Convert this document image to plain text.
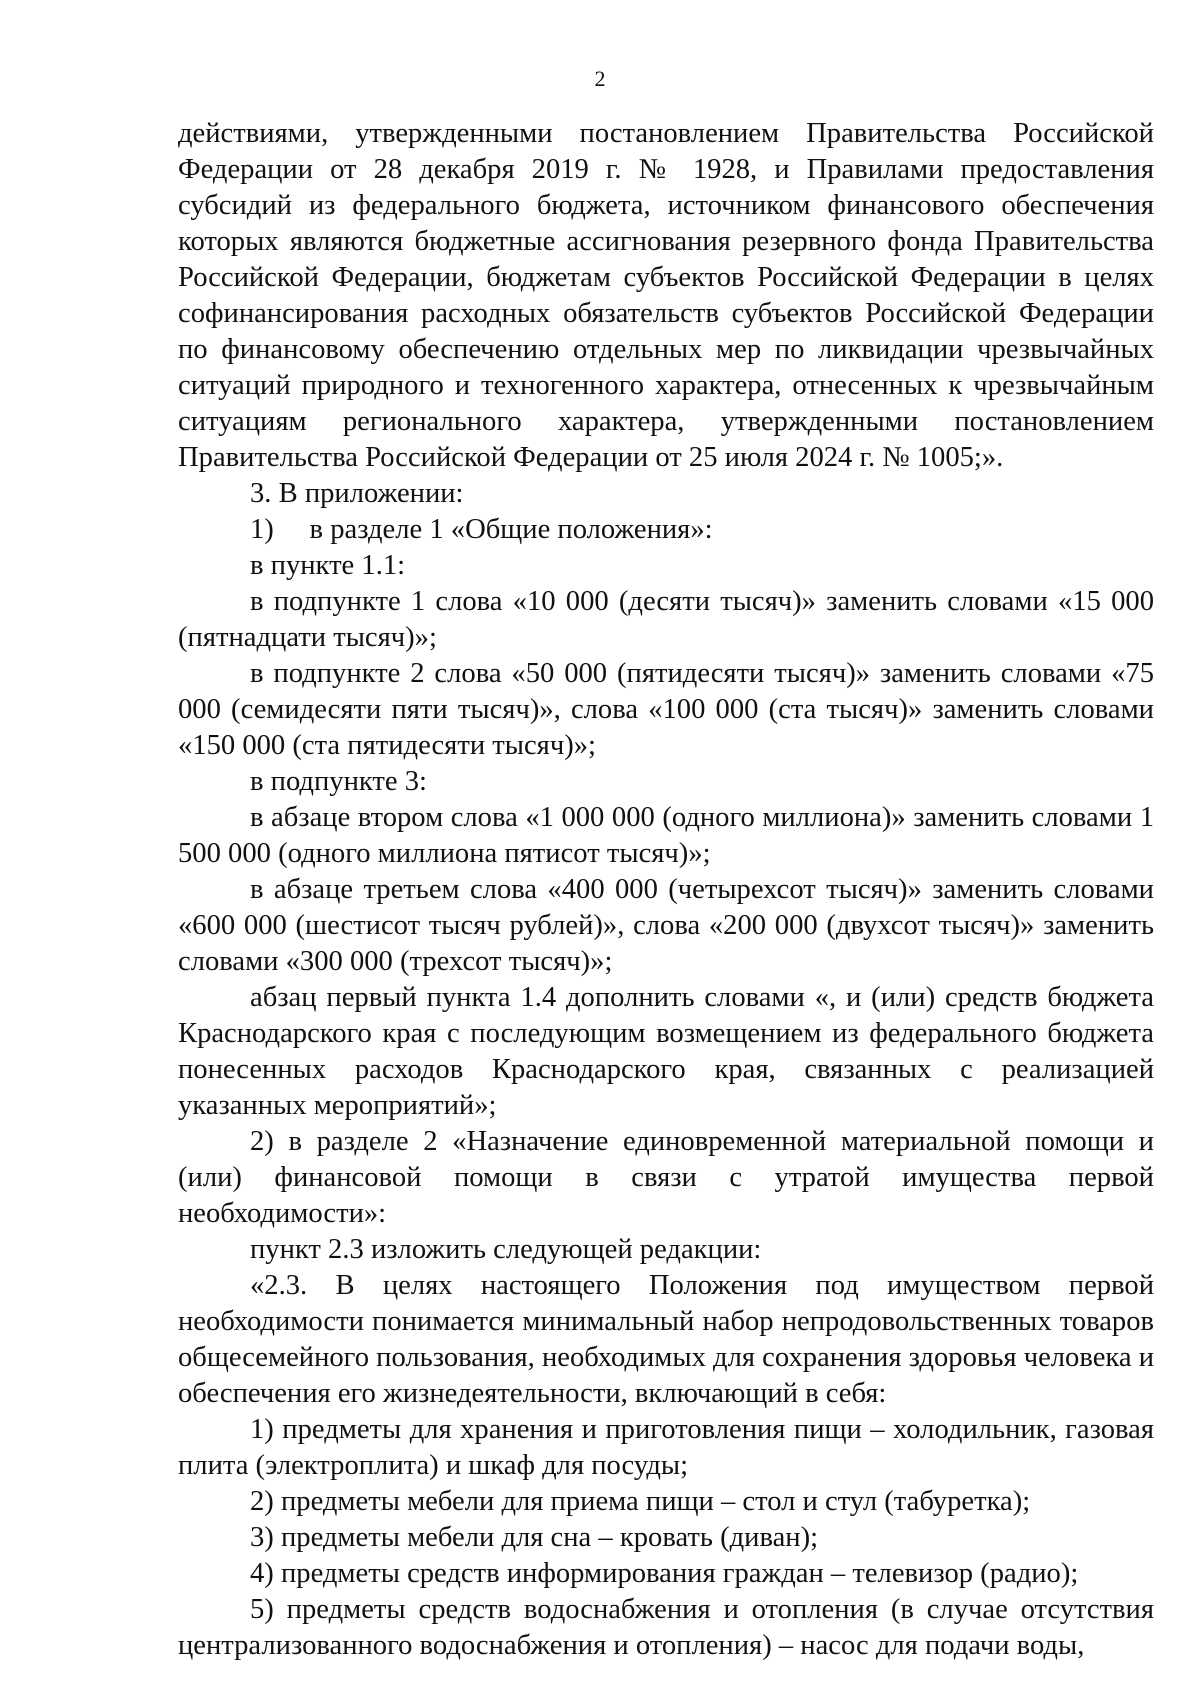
2

действиями, утвержденными постановлением Правительства Российской Федерации от 28 декабря 2019 г. № 1928, и Правилами предоставления субсидий из федерального бюджета, источником финансового обеспечения которых являются бюджетные ассигнования резервного фонда Правительства Российской Федерации, бюджетам субъектов Российской Федерации в целях софинансирования расходных обязательств субъектов Российской Федерации по финансовому обеспечению отдельных мер по ликвидации чрезвычайных ситуаций природного и техногенного характера, отнесенных к чрезвычайным ситуациям регионального характера, утвержденными постановлением Правительства Российской Федерации от 25 июля 2024 г. № 1005;».

3. В приложении:

1)     в разделе 1 «Общие положения»:

в пункте 1.1:

в подпункте 1 слова «10 000 (десяти тысяч)» заменить словами «15 000 (пятнадцати тысяч)»;

в подпункте 2 слова «50 000 (пятидесяти тысяч)» заменить словами «75 000 (семидесяти пяти тысяч)», слова «100 000 (ста тысяч)» заменить словами «150 000 (ста пятидесяти тысяч)»;

в подпункте 3:

в абзаце втором слова «1 000 000 (одного миллиона)» заменить словами 1 500 000 (одного миллиона пятисот тысяч)»;

в абзаце третьем слова «400 000 (четырехсот тысяч)» заменить словами «600 000 (шестисот тысяч рублей)», слова «200 000 (двухсот тысяч)» заменить словами «300 000 (трехсот тысяч)»;

абзац первый пункта 1.4 дополнить словами «, и (или) средств бюджета Краснодарского края с последующим возмещением из федерального бюджета понесенных расходов Краснодарского края, связанных с реализацией указанных мероприятий»;

2) в разделе 2 «Назначение единовременной материальной помощи и (или) финансовой помощи в связи с утратой имущества первой необходимости»:

пункт 2.3 изложить следующей редакции:

«2.3. В целях настоящего Положения под имуществом первой необходимости понимается минимальный набор непродовольственных товаров общесемейного пользования, необходимых для сохранения здоровья человека и обеспечения его жизнедеятельности, включающий в себя:

1) предметы для хранения и приготовления пищи – холодильник, газовая плита (электроплита) и шкаф для посуды;

2) предметы мебели для приема пищи – стол и стул (табуретка);

3) предметы мебели для сна – кровать (диван);

4) предметы средств информирования граждан – телевизор (радио);

5) предметы средств водоснабжения и отопления (в случае отсутствия централизованного водоснабжения и отопления) – насос для подачи воды,
